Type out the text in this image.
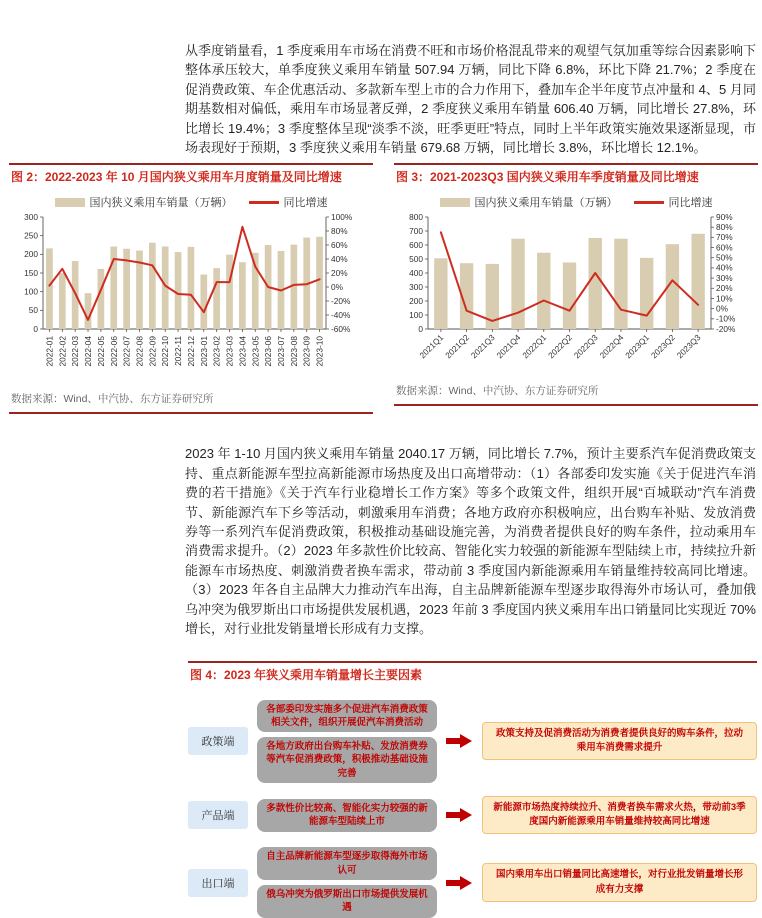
从季度销量看，1 季度乘用车市场在消费不旺和市场价格混乱带来的观望气氛加重等综合因素影响下整体承压较大，单季度狭义乘用车销量 507.94 万辆，同比下降 6.8%，环比下降 21.7%；2 季度在促消费政策、车企优惠活动、多款新车型上市的合力作用下，叠加车企半年度节点冲量和 4、5 月同期基数相对偏低，乘用车市场显著反弹，2 季度狭义乘用车销量 606.40 万辆，同比增长 27.8%，环比增长 19.4%；3 季度整体呈现“淡季不淡，旺季更旺”特点，同时上半年政策实施效果逐渐显现，市场表现好于预期，3 季度狭义乘用车销量 679.68 万辆，同比增长 3.8%，环比增长 12.1%。

图 2：2022-2023 年 10 月国内狭义乘用车月度销量及同比增速
国内狭义乘用车销量（万辆）	同比增速
0
50
100
150
200
250
300
-60%
-40%
-20%
0%
20%
40%
60%
80%
100%
2022-01 2022-02 2022-03 2022-04 2022-05 2022-06 2022-07 2022-08 2022-09 2022-10 2022-11 2022-12 2023-01 2023-02 2023-03 2023-04 2023-05 2023-06 2023-07 2023-08 2023-09 2023-10
数据来源：Wind、中汽协、东方证券研究所
图 3：2021-2023Q3 国内狭义乘用车季度销量及同比增速
国内狭义乘用车销量（万辆）	同比增速
0
100
200
300
400
500
600
700
800
-20%
-10%
0%
10%
20%
30%
40%
50%
60%
70%
80%
90%
2021Q1
2021Q2
2021Q3
2021Q4
2022Q1
2022Q2
2022Q3
2022Q4
2023Q1
2023Q2
2023Q3
数据来源：Wind、中汽协、东方证券研究所

2023 年 1-10 月国内狭义乘用车销量 2040.17 万辆，同比增长 7.7%，预计主要系汽车促消费政策支持、重点新能源车型拉高新能源市场热度及出口高增带动：（1）各部委印发实施《关于促进汽车消费的若干措施》《关于汽车行业稳增长工作方案》等多个政策文件，组织开展“百城联动”汽车消费节、新能源汽车下乡等活动，刺激乘用车消费；各地方政府亦积极响应，出台购车补贴、发放消费券等一系列汽车促消费政策，积极推动基础设施完善，为消费者提供良好的购车条件，拉动乘用车消费需求提升。（2）2023 年多款性价比较高、智能化实力较强的新能源车型陆续上市，持续拉升新能源车市场热度、刺激消费者换车需求，带动前 3 季度国内新能源乘用车销量维持较高同比增速。（3）2023 年各自主品牌大力推动汽车出海，自主品牌新能源车型逐步取得海外市场认可，叠加俄乌冲突为俄罗斯出口市场提供发展机遇，2023 年前 3 季度国内狭义乘用车出口销量同比实现近 70%增长，对行业批发销量增长形成有力支撑。

图 4：2023 年狭义乘用车销量增长主要因素
政策端
各部委印发实施多个促进汽车消费政策相关文件，组织开展促汽车消费活动
各地方政府出台购车补贴、发放消费券等汽车促消费政策，积极推动基础设施完善
政策支持及促消费活动为消费者提供良好的购车条件，拉动乘用车消费需求提升
产品端
多款性价比较高、智能化实力较强的新能源车型陆续上市
新能源市场热度持续拉升、消费者换车需求火热，带动前3季度国内新能源乘用车销量维持较高同比增速
出口端
自主品牌新能源车型逐步取得海外市场认可
俄乌冲突为俄罗斯出口市场提供发展机遇
国内乘用车出口销量同比高速增长，对行业批发销量增长形成有力支撑
